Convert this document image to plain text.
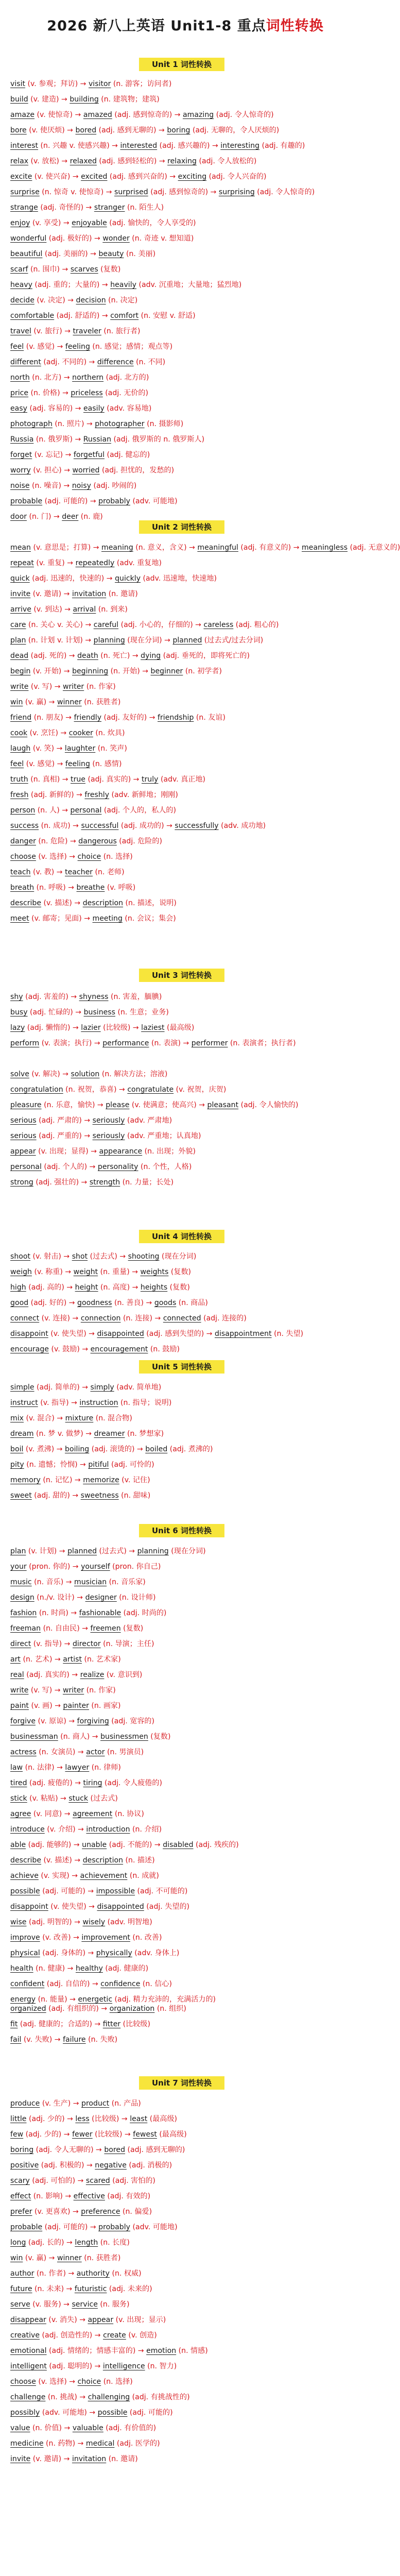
2026 新八上英语 Unit1-8 重点词性转换
Unit 1 词性转换
visit (v. 参观；拜访) → visitor (n. 游客；访问者)
build (v. 建造) → building (n. 建筑物；建筑)
amaze (v. 使惊奇) → amazed (adj. 感到惊奇的) → amazing (adj. 令人惊奇的)
bore (v. 使厌烦) → bored (adj. 感到无聊的) → boring (adj. 无聊的，令人厌烦的)
interest (n. 兴趣 v. 使感兴趣) → interested (adj. 感兴趣的) → interesting (adj. 有趣的)
relax (v. 放松) → relaxed (adj. 感到轻松的) → relaxing (adj. 令人放松的)
excite (v. 使兴奋) → excited (adj. 感到兴奋的) → exciting (adj. 令人兴奋的)
surprise (n. 惊奇 v. 使惊奇) → surprised (adj. 感到惊奇的) → surprising (adj. 令人惊奇的)
strange (adj. 奇怪的) → stranger (n. 陌生人)
enjoy (v. 享受) → enjoyable (adj. 愉快的，令人享受的)
wonderful (adj. 极好的) → wonder (n. 奇迹 v. 想知道)
beautiful (adj. 美丽的) → beauty (n. 美丽)
scarf (n. 围巾) → scarves (复数)
heavy (adj. 重的；大量的) → heavily (adv. 沉重地；大量地；猛烈地)
decide (v. 决定) → decision (n. 决定)
comfortable (adj. 舒适的) → comfort (n. 安慰 v. 舒适)
travel (v. 旅行) → traveler (n. 旅行者)
feel (v. 感觉) → feeling (n. 感觉；感情；观点等)
different (adj. 不同的) → difference (n. 不同)
north (n. 北方) → northern (adj. 北方的)
price (n. 价格) → priceless (adj. 无价的)
easy (adj. 容易的) → easily (adv. 容易地)
photograph (n. 照片) → photographer (n. 摄影师)
Russia (n. 俄罗斯) → Russian (adj. 俄罗斯的 n. 俄罗斯人)
forget (v. 忘记) → forgetful (adj. 健忘的)
worry (v. 担心) → worried (adj. 担忧的，发愁的)
noise (n. 噪音) → noisy (adj. 吵闹的)
probable (adj. 可能的) → probably (adv. 可能地)
door (n. 门) → deer (n. 鹿)
Unit 2 词性转换
mean (v. 意思是；打算) → meaning (n. 意义，含义) → meaningful (adj. 有意义的) → meaningless (adj. 无意义的)
repeat (v. 重复) → repeatedly (adv. 重复地)
quick (adj. 迅速的，快速的) → quickly (adv. 迅速地，快速地)
invite (v. 邀请) → invitation (n. 邀请)
arrive (v. 到达) → arrival (n. 到来)
care (n. 关心 v. 关心) → careful (adj. 小心的，仔细的) → careless (adj. 粗心的)
plan (n. 计划 v. 计划) → planning (现在分词) → planned (过去式/过去分词)
dead (adj. 死的) → death (n. 死亡) → dying (adj. 垂死的，即将死亡的)
begin (v. 开始) → beginning (n. 开始) → beginner (n. 初学者)
write (v. 写) → writer (n. 作家)
win (v. 赢) → winner (n. 获胜者)
friend (n. 朋友) → friendly (adj. 友好的) → friendship (n. 友谊)
cook (v. 烹饪) → cooker (n. 炊具)
laugh (v. 笑) → laughter (n. 笑声)
feel (v. 感觉) → feeling (n. 感情)
truth (n. 真相) → true (adj. 真实的) → truly (adv. 真正地)
fresh (adj. 新鲜的) → freshly (adv. 新鲜地；刚刚)
person (n. 人) → personal (adj. 个人的，私人的)
success (n. 成功) → successful (adj. 成功的) → successfully (adv. 成功地)
danger (n. 危险) → dangerous (adj. 危险的)
choose (v. 选择) → choice (n. 选择)
teach (v. 教) → teacher (n. 老师)
breath (n. 呼吸) → breathe (v. 呼吸)
describe (v. 描述) → description (n. 描述，说明)
meet (v. 邮寄；见面) → meeting (n. 会议；集会)
Unit 3 词性转换
shy (adj. 害羞的) → shyness (n. 害羞，腼腆)
busy (adj. 忙碌的) → business (n. 生意；业务)
lazy (adj. 懒惰的) → lazier (比较级) → laziest (最高级)
perform (v. 表演；执行) → performance (n. 表演) → performer (n. 表演者；执行者)
solve (v. 解决) → solution (n. 解决方法；溶液)
congratulation (n. 祝贺，恭喜) → congratulate (v. 祝贺，庆贺)
pleasure (n. 乐意，愉快) → please (v. 使满意；使高兴) → pleasant (adj. 令人愉快的)
serious (adj. 严肃的) → seriously (adv. 严肃地)
serious (adj. 严重的) → seriously (adv. 严重地；认真地)
appear (v. 出现；显得) → appearance (n. 出现；外貌)
personal (adj. 个人的) → personality (n. 个性，人格)
strong (adj. 强壮的) → strength (n. 力量；长处)
Unit 4 词性转换
shoot (v. 射击) → shot (过去式) → shooting (现在分词)
weigh (v. 称重) → weight (n. 重量) → weights (复数)
high (adj. 高的) → height (n. 高度) → heights (复数)
good (adj. 好的) → goodness (n. 善良) → goods (n. 商品)
connect (v. 连接) → connection (n. 连接) → connected (adj. 连接的)
disappoint (v. 使失望) → disappointed (adj. 感到失望的) → disappointment (n. 失望)
encourage (v. 鼓励) → encouragement (n. 鼓励)
Unit 5 词性转换
simple (adj. 简单的) → simply (adv. 简单地)
instruct (v. 指导) → instruction (n. 指导；说明)
mix (v. 混合) → mixture (n. 混合物)
dream (n. 梦 v. 做梦) → dreamer (n. 梦想家)
boil (v. 煮沸) → boiling (adj. 滚烫的) → boiled (adj. 煮沸的)
pity (n. 遗憾；怜悯) → pitiful (adj. 可怜的)
memory (n. 记忆) → memorize (v. 记住)
sweet (adj. 甜的) → sweetness (n. 甜味)
Unit 6 词性转换
plan (v. 计划) → planned (过去式) → planning (现在分词)
your (pron. 你的) → yourself (pron. 你自己)
music (n. 音乐) → musician (n. 音乐家)
design (n./v. 设计) → designer (n. 设计师)
fashion (n. 时尚) → fashionable (adj. 时尚的)
freeman (n. 自由民) → freemen (复数)
direct (v. 指导) → director (n. 导演；主任)
art (n. 艺术) → artist (n. 艺术家)
real (adj. 真实的) → realize (v. 意识到)
write (v. 写) → writer (n. 作家)
paint (v. 画) → painter (n. 画家)
forgive (v. 原谅) → forgiving (adj. 宽容的)
businessman (n. 商人) → businessmen (复数)
actress (n. 女演员) → actor (n. 男演员)
law (n. 法律) → lawyer (n. 律师)
tired (adj. 疲倦的) → tiring (adj. 令人疲倦的)
stick (v. 粘贴) → stuck (过去式)
agree (v. 同意) → agreement (n. 协议)
introduce (v. 介绍) → introduction (n. 介绍)
able (adj. 能够的) → unable (adj. 不能的) → disabled (adj. 残疾的)
describe (v. 描述) → description (n. 描述)
achieve (v. 实现) → achievement (n. 成就)
possible (adj. 可能的) → impossible (adj. 不可能的)
disappoint (v. 使失望) → disappointed (adj. 失望的)
wise (adj. 明智的) → wisely (adv. 明智地)
improve (v. 改善) → improvement (n. 改善)
physical (adj. 身体的) → physically (adv. 身体上)
health (n. 健康) → healthy (adj. 健康的)
confident (adj. 自信的) → confidence (n. 信心)
energy (n. 能量) → energetic (adj. 精力充沛的，充满活力的)
organized (adj. 有组织的) → organization (n. 组织)
fit (adj. 健康的；合适的) → fitter (比较级)
fail (v. 失败) → failure (n. 失败)
Unit 7 词性转换
produce (v. 生产) → product (n. 产品)
little (adj. 少的) → less (比较级) → least (最高级)
few (adj. 少的) → fewer (比较级) → fewest (最高级)
boring (adj. 令人无聊的) → bored (adj. 感到无聊的)
positive (adj. 积极的) → negative (adj. 消极的)
scary (adj. 可怕的) → scared (adj. 害怕的)
effect (n. 影响) → effective (adj. 有效的)
prefer (v. 更喜欢) → preference (n. 偏爱)
probable (adj. 可能的) → probably (adv. 可能地)
long (adj. 长的) → length (n. 长度)
win (v. 赢) → winner (n. 获胜者)
author (n. 作者) → authority (n. 权威)
future (n. 未来) → futuristic (adj. 未来的)
serve (v. 服务) → service (n. 服务)
disappear (v. 消失) → appear (v. 出现；显示)
creative (adj. 创造性的) → create (v. 创造)
emotional (adj. 情绪的；情感丰富的) → emotion (n. 情感)
intelligent (adj. 聪明的) → intelligence (n. 智力)
choose (v. 选择) → choice (n. 选择)
challenge (n. 挑战) → challenging (adj. 有挑战性的)
possibly (adv. 可能地) → possible (adj. 可能的)
value (n. 价值) → valuable (adj. 有价值的)
medicine (n. 药物) → medical (adj. 医学的)
invite (v. 邀请) → invitation (n. 邀请)
